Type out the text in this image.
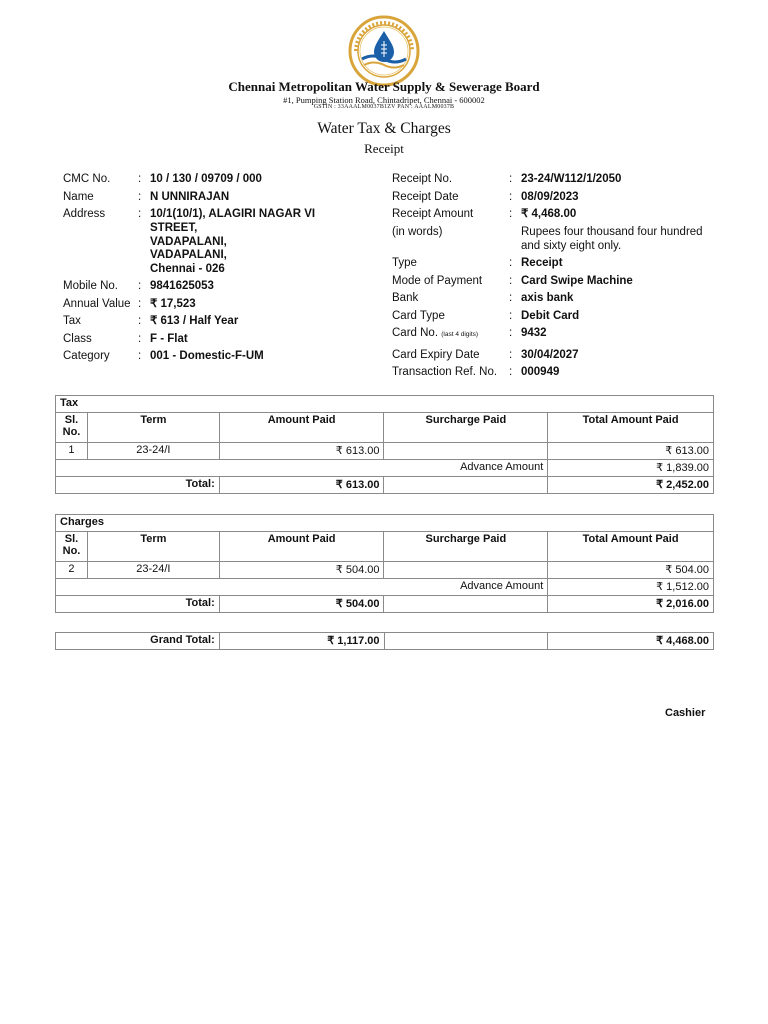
Chennai Metropolitan Water Supply & Sewerage Board
#1, Pumping Station Road, Chintadripet, Chennai - 600002
GSTIN : 33AAALM0037B1ZV PAN : AAALM0037B
Water Tax & Charges
Receipt
CMC No. : 10 / 130 / 09709 / 000
Name	: N UNNIRAJAN
Address	: 10/1(10/1), ALAGIRI NAGAR VI
STREET,
VADAPALANI,
VADAPALANI,
Chennai - 026
Mobile No. : 9841625053
Annual Value : ₹ 17,523
Tax	: ₹ 613 / Half Year
Class	: F - Flat
Category : 001 - Domestic-F-UM
Receipt No.	: 23-24/W112/1/2050
Receipt Date	: 08/09/2023
Receipt Amount	: ₹ 4,468.00
(in words)	Rupees four thousand four hundred
and sixty eight only.
Type	: Receipt
Mode of Payment : Card Swipe Machine
Bank	: axis bank
Card Type	: Debit Card
Card No. (last 4 digits)	: 9432
Card Expiry Date	: 30/04/2027
Transaction Ref. No. : 000949
Tax				
Sl. No.	Term	Amount Paid	Surcharge Paid	Total Amount Paid
1	23-24/I	₹ 613.00		₹ 613.00
Advance Amount				₹ 1,839.00
Total:		₹ 613.00		₹ 2,452.00
Charges				
Sl. No.	Term	Amount Paid	Surcharge Paid	Total Amount Paid
2	23-24/I	₹ 504.00		₹ 504.00
Advance Amount				₹ 1,512.00
Total:		₹ 504.00		₹ 2,016.00
Grand Total:	₹ 1,117.00		₹ 4,468.00
Cashier
